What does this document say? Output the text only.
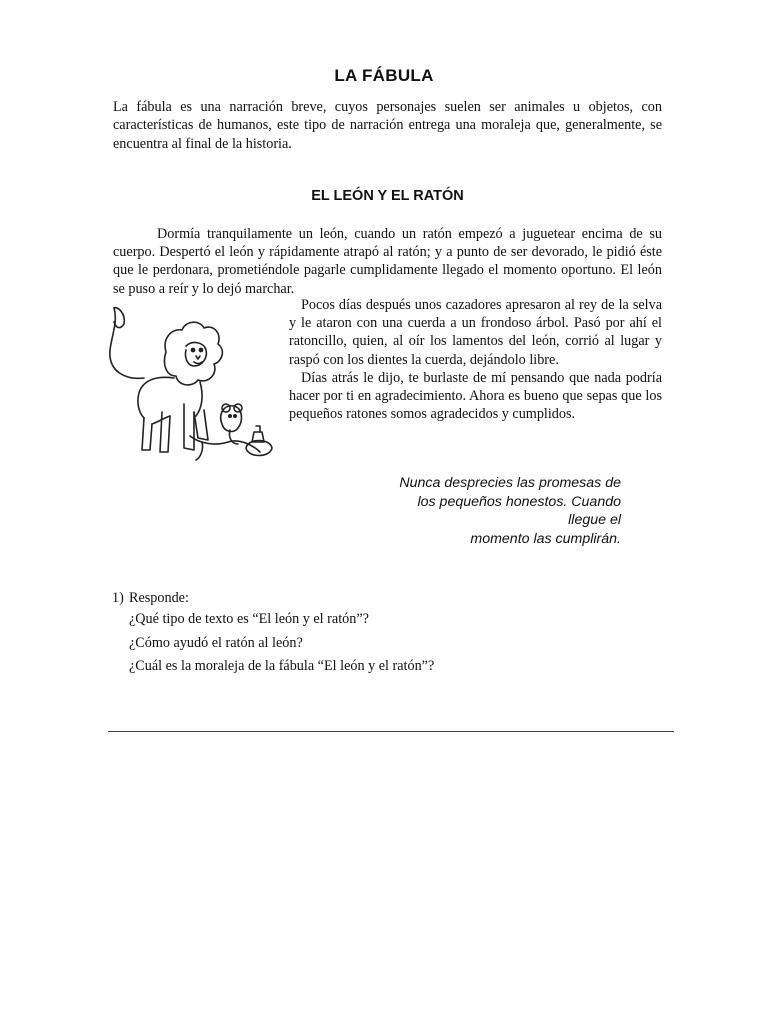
LA FÁBULA

La fábula es una narración breve, cuyos personajes suelen ser animales u objetos, con características de humanos, este tipo de narración entrega una moraleja que, generalmente, se encuentra al final de la historia.

EL LEÓN Y EL RATÓN

Dormía tranquilamente un león, cuando un ratón empezó a juguetear encima de su cuerpo. Despertó el león y rápidamente atrapó al ratón; y a punto de ser devorado, le pidió éste que le perdonara, prometiéndole pagarle cumplidamente llegado el momento oportuno. El león se puso a reír y lo dejó marchar.

Pocos días después unos cazadores apresaron al rey de la selva y le ataron con una cuerda a un frondoso árbol. Pasó por ahí el ratoncillo, quien, al oír los lamentos del león, corrió al lugar y raspó con los dientes la cuerda, dejándolo libre.

Días atrás le dijo, te burlaste de mí pensando que nada podría hacer por ti en agradecimiento. Ahora es bueno que sepas que los pequeños ratones somos agradecidos y cumplidos.

Nunca desprecies las promesas de
los pequeños honestos. Cuando
llegue el
momento las cumplirán.
1) Responde:
¿Qué tipo de texto es “El león y el ratón”?
¿Cómo ayudó el ratón al león?
¿Cuál es la moraleja de la fábula “El león y el ratón”?
